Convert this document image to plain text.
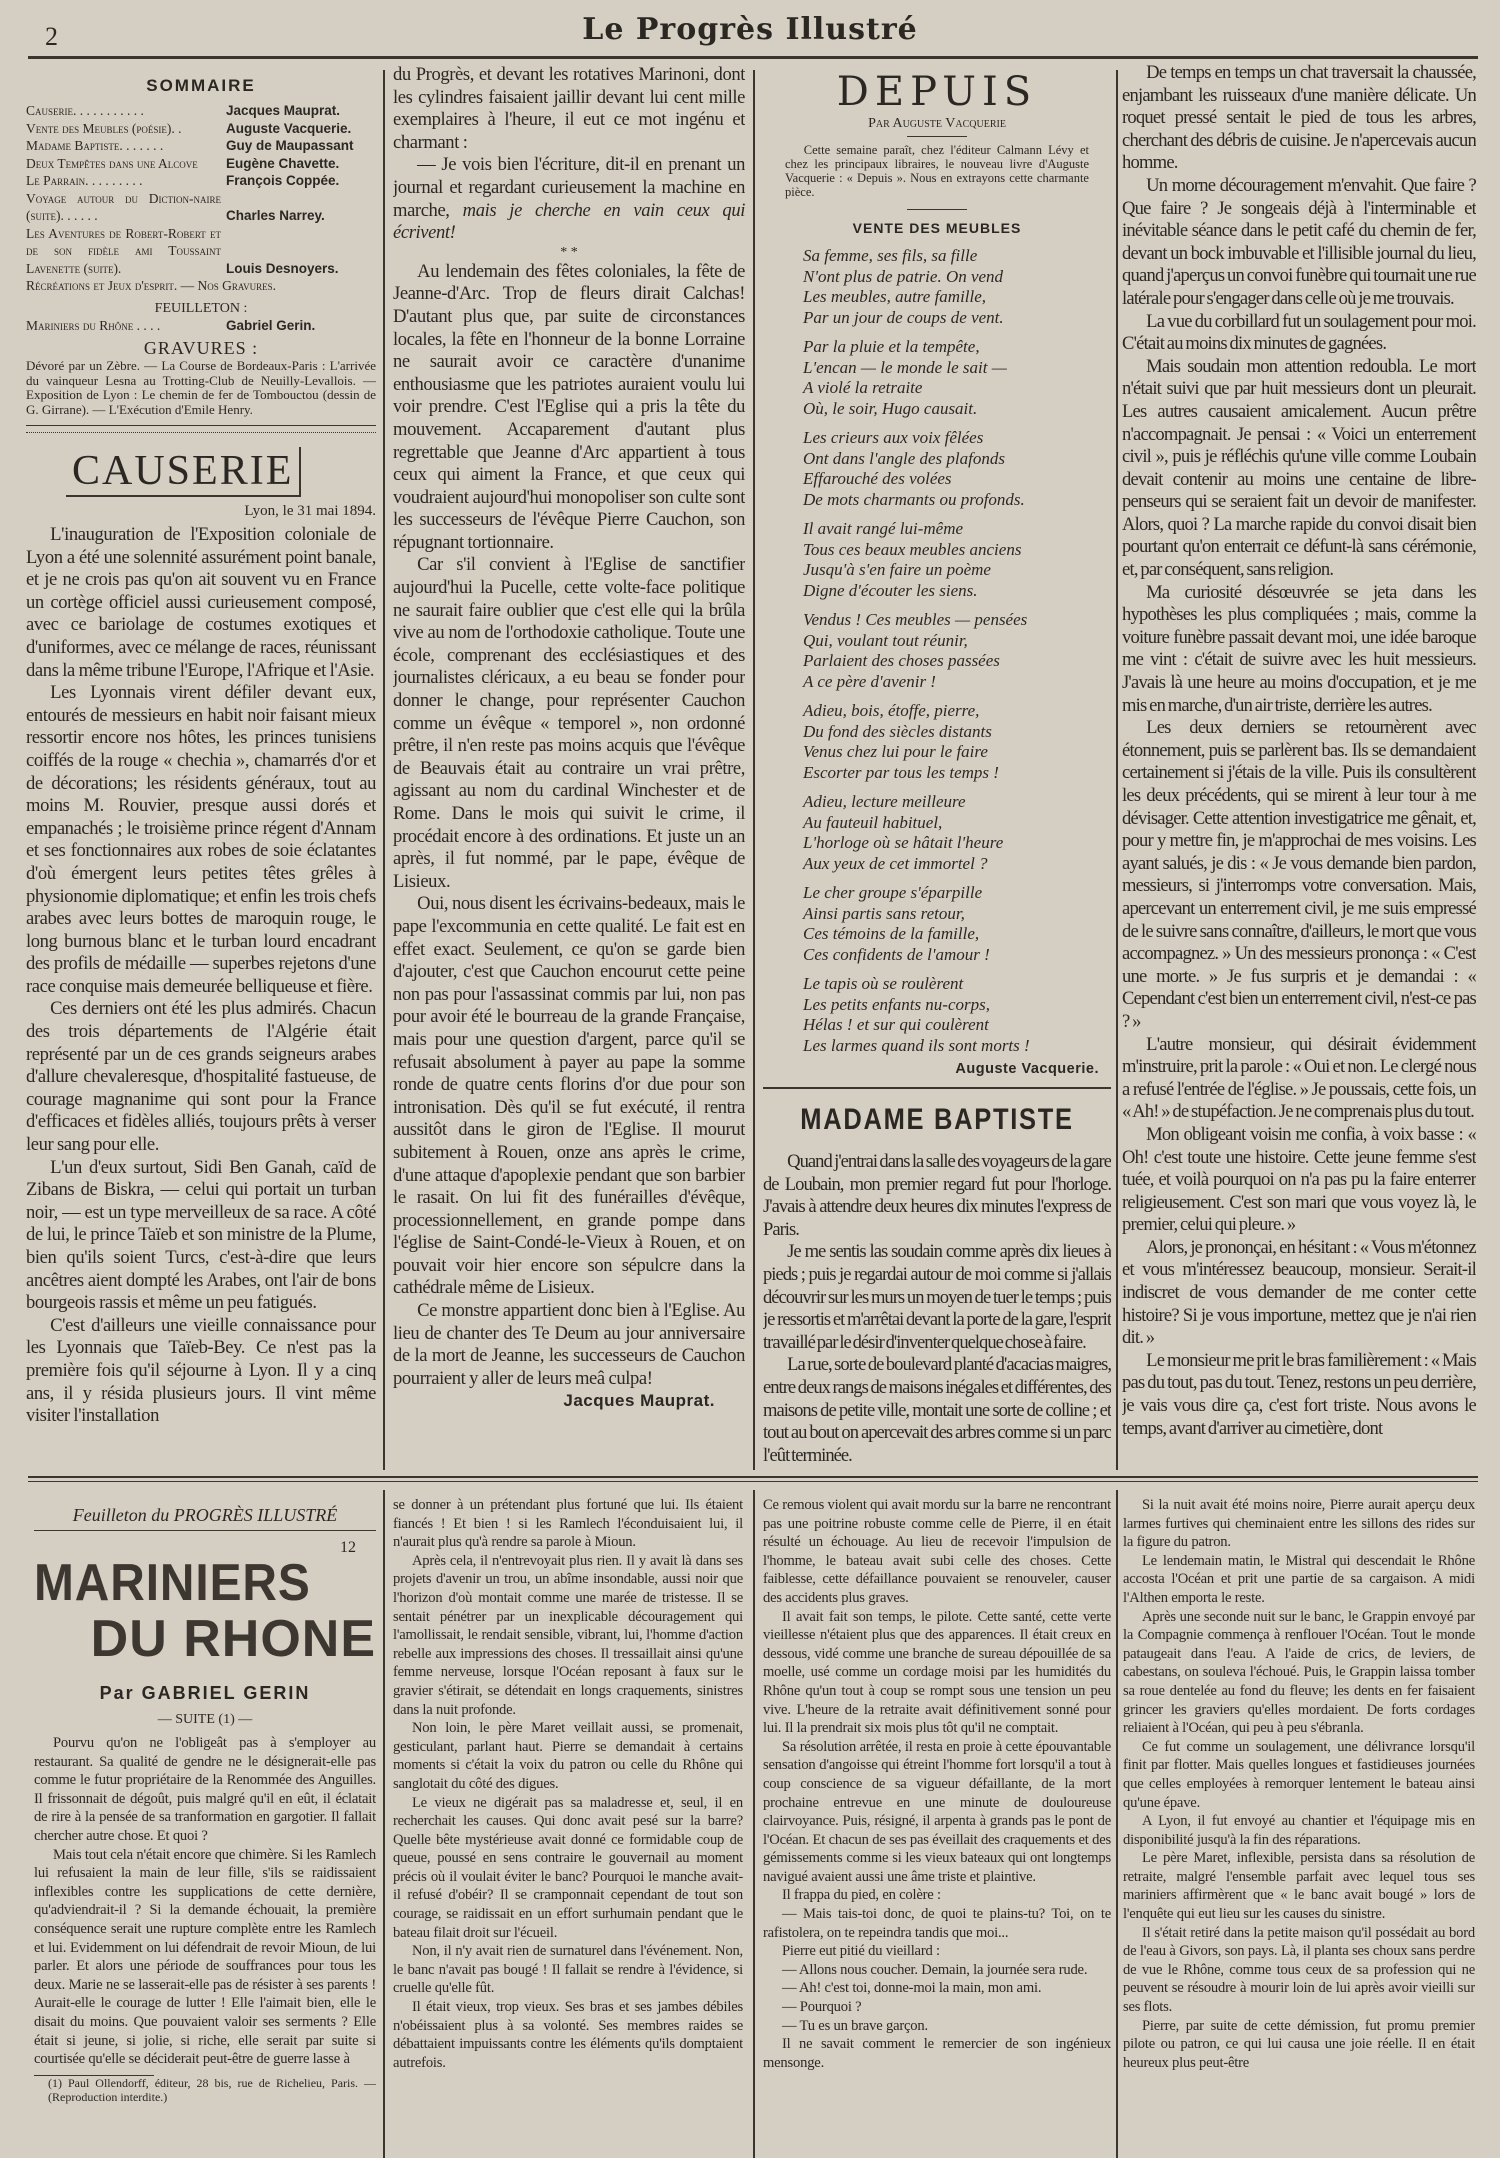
2	Le Progrès Illustré
SOMMAIRE
Causerie. . . . . . . . . . .	Jacques Mauprat.
Vente des Meubles (poésie). .	Auguste Vacquerie.
Madame Baptiste. . . . . . .	Guy de Maupassant
Deux Tempêtes dans une Alcove	Eugène Chavette.
Le Parrain. . . . . . . . .	François Coppée.
Voyage autour du Diction-naire (suite). . . . . .	Charles Narrey.
Les Aventures de Robert-Robert et de son fidèle ami Toussaint Lavenette (suite).	Louis Desnoyers.
Récréations et Jeux d'esprit. — Nos Gravures.
FEUILLETON :
Mariniers du Rhône . . . .	Gabriel Gerin.
GRAVURES :
Dévoré par un Zèbre. — La Course de Bordeaux-Paris : L'arrivée du vainqueur Lesna au Trotting-Club de Neuilly-Levallois. — Exposition de Lyon : Le chemin de fer de Tombouctou (dessin de G. Girrane). — L'Exécution d'Emile Henry.
CAUSERIE
Lyon, le 31 mai 1894.

L'inauguration de l'Exposition coloniale de Lyon a été une solennité assurément point banale, et je ne crois pas qu'on ait souvent vu en France un cortège officiel aussi curieusement composé, avec ce bariolage de costumes exotiques et d'uniformes, avec ce mélange de races, réunissant dans la même tribune l'Europe, l'Afrique et l'Asie.

Les Lyonnais virent défiler devant eux, entourés de messieurs en habit noir faisant mieux ressortir encore nos hôtes, les princes tunisiens coiffés de la rouge « chechia », chamarrés d'or et de décorations; les résidents généraux, tout au moins M. Rouvier, presque aussi dorés et empanachés ; le troisième prince régent d'Annam et ses fonctionnaires aux robes de soie éclatantes d'où émergent leurs petites têtes grêles à physionomie diplomatique; et enfin les trois chefs arabes avec leurs bottes de maroquin rouge, le long burnous blanc et le turban lourd encadrant des profils de médaille — superbes rejetons d'une race conquise mais demeurée belliqueuse et fière.

Ces derniers ont été les plus admirés. Chacun des trois départements de l'Algérie était représenté par un de ces grands seigneurs arabes d'allure chevaleresque, d'hospitalité fastueuse, de courage magnanime qui sont pour la France d'efficaces et fidèles alliés, toujours prêts à verser leur sang pour elle.

L'un d'eux surtout, Sidi Ben Ganah, caïd de Zibans de Biskra, — celui qui portait un turban noir, — est un type merveilleux de sa race. A côté de lui, le prince Taïeb et son ministre de la Plume, bien qu'ils soient Turcs, c'est-à-dire que leurs ancêtres aient dompté les Arabes, ont l'air de bons bourgeois rassis et même un peu fatigués.

C'est d'ailleurs une vieille connaissance pour les Lyonnais que Taïeb-Bey. Ce n'est pas la première fois qu'il séjourne à Lyon. Il y a cinq ans, il y résida plusieurs jours. Il vint même visiter l'installation

du Progrès, et devant les rotatives Marinoni, dont les cylindres faisaient jaillir devant lui cent mille exemplaires à l'heure, il eut ce mot ingénu et charmant :

— Je vois bien l'écriture, dit-il en prenant un journal et regardant curieusement la machine en marche, mais je cherche en vain ceux qui écrivent!

* *

Au lendemain des fêtes coloniales, la fête de Jeanne-d'Arc. Trop de fleurs dirait Calchas! D'autant plus que, par suite de circonstances locales, la fête en l'honneur de la bonne Lorraine ne saurait avoir ce caractère d'unanime enthousiasme que les patriotes auraient voulu lui voir prendre. C'est l'Eglise qui a pris la tête du mouvement. Accaparement d'autant plus regrettable que Jeanne d'Arc appartient à tous ceux qui aiment la France, et que ceux qui voudraient aujourd'hui monopoliser son culte sont les successeurs de l'évêque Pierre Cauchon, son répugnant tortionnaire.

Car s'il convient à l'Eglise de sanctifier aujourd'hui la Pucelle, cette volte-face politique ne saurait faire oublier que c'est elle qui la brûla vive au nom de l'orthodoxie catholique. Toute une école, comprenant des ecclésiastiques et des journalistes cléricaux, a eu beau se fonder pour donner le change, pour représenter Cauchon comme un évêque « temporel », non ordonné prêtre, il n'en reste pas moins acquis que l'évêque de Beauvais était au contraire un vrai prêtre, agissant au nom du cardinal Winchester et de Rome. Dans le mois qui suivit le crime, il procédait encore à des ordinations. Et juste un an après, il fut nommé, par le pape, évêque de Lisieux.

Oui, nous disent les écrivains-bedeaux, mais le pape l'excommunia en cette qualité. Le fait est en effet exact. Seulement, ce qu'on se garde bien d'ajouter, c'est que Cauchon encourut cette peine non pas pour l'assassinat commis par lui, non pas pour avoir été le bourreau de la grande Française, mais pour une question d'argent, parce qu'il se refusait absolument à payer au pape la somme ronde de quatre cents florins d'or due pour son intronisation. Dès qu'il se fut exécuté, il rentra aussitôt dans le giron de l'Eglise. Il mourut subitement à Rouen, onze ans après le crime, d'une attaque d'apoplexie pendant que son barbier le rasait. On lui fit des funérailles d'évêque, processionnellement, en grande pompe dans l'église de Saint-Condé-le-Vieux à Rouen, et on pouvait voir hier encore son sépulcre dans la cathédrale même de Lisieux.

Ce monstre appartient donc bien à l'Eglise. Au lieu de chanter des Te Deum au jour anniversaire de la mort de Jeanne, les successeurs de Cauchon pourraient y aller de leurs meâ culpa!

Jacques Mauprat.
DEPUIS
Par Auguste Vacquerie
Cette semaine paraît, chez l'éditeur Calmann Lévy et chez les principaux libraires, le nouveau livre d'Auguste Vacquerie : « Depuis ». Nous en extrayons cette charmante pièce.
VENTE DES MEUBLES
Sa femme, ses fils, sa fille
N'ont plus de patrie. On vend
Les meubles, autre famille,
Par un jour de coups de vent.
Par la pluie et la tempête,
L'encan — le monde le sait —
A violé la retraite
Où, le soir, Hugo causait.
Les crieurs aux voix fêlées
Ont dans l'angle des plafonds
Effarouché des volées
De mots charmants ou profonds.
Il avait rangé lui-même
Tous ces beaux meubles anciens
Jusqu'à s'en faire un poème
Digne d'écouter les siens.
Vendus ! Ces meubles — pensées
Qui, voulant tout réunir,
Parlaient des choses passées
A ce père d'avenir !
Adieu, bois, étoffe, pierre,
Du fond des siècles distants
Venus chez lui pour le faire
Escorter par tous les temps !
Adieu, lecture meilleure
Au fauteuil habituel,
L'horloge où se hâtait l'heure
Aux yeux de cet immortel ?
Le cher groupe s'éparpille
Ainsi partis sans retour,
Ces témoins de la famille,
Ces confidents de l'amour !
Le tapis où se roulèrent
Les petits enfants nu-corps,
Hélas ! et sur qui coulèrent
Les larmes quand ils sont morts !
Auguste Vacquerie.
MADAME BAPTISTE

Quand j'entrai dans la salle des voyageurs de la gare de Loubain, mon premier regard fut pour l'horloge. J'avais à attendre deux heures dix minutes l'express de Paris.

Je me sentis las soudain comme après dix lieues à pieds ; puis je regardai autour de moi comme si j'allais découvrir sur les murs un moyen de tuer le temps ; puis je ressortis et m'arrêtai devant la porte de la gare, l'esprit travaillé par le désir d'inventer quelque chose à faire.

La rue, sorte de boulevard planté d'acacias maigres, entre deux rangs de maisons inégales et différentes, des maisons de petite ville, montait une sorte de colline ; et tout au bout on apercevait des arbres comme si un parc l'eût terminée.

De temps en temps un chat traversait la chaussée, enjambant les ruisseaux d'une manière délicate. Un roquet pressé sentait le pied de tous les arbres, cherchant des débris de cuisine. Je n'apercevais aucun homme.

Un morne découragement m'envahit. Que faire ? Que faire ? Je songeais déjà à l'interminable et inévitable séance dans le petit café du chemin de fer, devant un bock imbuvable et l'illisible journal du lieu, quand j'aperçus un convoi funèbre qui tournait une rue latérale pour s'engager dans celle où je me trouvais.

La vue du corbillard fut un soulagement pour moi. C'était au moins dix minutes de gagnées.

Mais soudain mon attention redoubla. Le mort n'était suivi que par huit messieurs dont un pleurait. Les autres causaient amicalement. Aucun prêtre n'accompagnait. Je pensai : « Voici un enterrement civil », puis je réfléchis qu'une ville comme Loubain devait contenir au moins une centaine de libre-penseurs qui se seraient fait un devoir de manifester. Alors, quoi ? La marche rapide du convoi disait bien pourtant qu'on enterrait ce défunt-là sans cérémonie, et, par conséquent, sans religion.

Ma curiosité désœuvrée se jeta dans les hypothèses les plus compliquées ; mais, comme la voiture funèbre passait devant moi, une idée baroque me vint : c'était de suivre avec les huit messieurs. J'avais là une heure au moins d'occupation, et je me mis en marche, d'un air triste, derrière les autres.

Les deux derniers se retournèrent avec étonnement, puis se parlèrent bas. Ils se demandaient certainement si j'étais de la ville. Puis ils consultèrent les deux précédents, qui se mirent à leur tour à me dévisager. Cette attention investigatrice me gênait, et, pour y mettre fin, je m'approchai de mes voisins. Les ayant salués, je dis : « Je vous demande bien pardon, messieurs, si j'interromps votre conversation. Mais, apercevant un enterrement civil, je me suis empressé de le suivre sans connaître, d'ailleurs, le mort que vous accompagnez. » Un des messieurs prononça : « C'est une morte. » Je fus surpris et je demandai : « Cependant c'est bien un enterrement civil, n'est-ce pas ? »

L'autre monsieur, qui désirait évidemment m'instruire, prit la parole : « Oui et non. Le clergé nous a refusé l'entrée de l'église. » Je poussais, cette fois, un « Ah! » de stupéfaction. Je ne comprenais plus du tout.

Mon obligeant voisin me confia, à voix basse : « Oh! c'est toute une histoire. Cette jeune femme s'est tuée, et voilà pourquoi on n'a pas pu la faire enterrer religieusement. C'est son mari que vous voyez là, le premier, celui qui pleure. »

Alors, je prononçai, en hésitant : « Vous m'étonnez et vous m'intéressez beaucoup, monsieur. Serait-il indiscret de vous demander de me conter cette histoire? Si je vous importune, mettez que je n'ai rien dit. »

Le monsieur me prit le bras familièrement : « Mais pas du tout, pas du tout. Tenez, restons un peu derrière, je vais vous dire ça, c'est fort triste. Nous avons le temps, avant d'arriver au cimetière, dont

Feuilleton du PROGRÈS ILLUSTRÉ
12
MARINIERS
DU RHONE
Par GABRIEL GERIN
— SUITE (1) —

Pourvu qu'on ne l'obligeât pas à s'employer au restaurant. Sa qualité de gendre ne le désignerait-elle pas comme le futur propriétaire de la Renommée des Anguilles. Il frissonnait de dégoût, puis malgré qu'il en eût, il éclatait de rire à la pensée de sa tranformation en gargotier. Il fallait chercher autre chose. Et quoi ?

Mais tout cela n'était encore que chimère. Si les Ramlech lui refusaient la main de leur fille, s'ils se raidissaient inflexibles contre les supplications de cette dernière, qu'adviendrait-il ? Si la demande échouait, la première conséquence serait une rupture complète entre les Ramlech et lui. Evidemment on lui défendrait de revoir Mioun, de lui parler. Et alors une période de souffrances pour tous les deux. Marie ne se lasserait-elle pas de résister à ses parents ! Aurait-elle le courage de lutter ! Elle l'aimait bien, elle le disait du moins. Que pouvaient valoir ses serments ? Elle était si jeune, si jolie, si riche, elle serait par suite si courtisée qu'elle se déciderait peut-être de guerre lasse à

(1) Paul Ollendorff, éditeur, 28 bis, rue de Richelieu, Paris. — (Reproduction interdite.)

se donner à un prétendant plus fortuné que lui. Ils étaient fiancés ! Et bien ! si les Ramlech l'éconduisaient lui, il n'aurait plus qu'à rendre sa parole à Mioun.

Après cela, il n'entrevoyait plus rien. Il y avait là dans ses projets d'avenir un trou, un abîme insondable, aussi noir que l'horizon d'où montait comme une marée de tristesse. Il se sentait pénétrer par un inexplicable découragement qui l'amollissait, le rendait sensible, vibrant, lui, l'homme d'action rebelle aux impressions des choses. Il tressaillait ainsi qu'une femme nerveuse, lorsque l'Océan reposant à faux sur le gravier s'étirait, se détendait en longs craquements, sinistres dans la nuit profonde.

Non loin, le père Maret veillait aussi, se promenait, gesticulant, parlant haut. Pierre se demandait à certains moments si c'était la voix du patron ou celle du Rhône qui sanglotait du côté des digues.

Le vieux ne digérait pas sa maladresse et, seul, il en recherchait les causes. Qui donc avait pesé sur la barre? Quelle bête mystérieuse avait donné ce formidable coup de queue, poussé en sens contraire le gouvernail au moment précis où il voulait éviter le banc? Pourquoi le manche avait-il refusé d'obéir? Il se cramponnait cependant de tout son courage, se raidissait en un effort surhumain pendant que le bateau filait droit sur l'écueil.

Non, il n'y avait rien de surnaturel dans l'événement. Non, le banc n'avait pas bougé ! Il fallait se rendre à l'évidence, si cruelle qu'elle fût.

Il était vieux, trop vieux. Ses bras et ses jambes débiles n'obéissaient plus à sa volonté. Ses membres raides se débattaient impuissants contre les éléments qu'ils domptaient autrefois.

Ce remous violent qui avait mordu sur la barre ne rencontrant pas une poitrine robuste comme celle de Pierre, il en était résulté un échouage. Au lieu de recevoir l'impulsion de l'homme, le bateau avait subi celle des choses. Cette faiblesse, cette défaillance pouvaient se renouveler, causer des accidents plus graves.

Il avait fait son temps, le pilote. Cette santé, cette verte vieillesse n'étaient plus que des apparences. Il était creux en dessous, vidé comme une branche de sureau dépouillée de sa moelle, usé comme un cordage moisi par les humidités du Rhône qu'un tout à coup se rompt sous une tension un peu vive. L'heure de la retraite avait définitivement sonné pour lui. Il la prendrait six mois plus tôt qu'il ne comptait.

Sa résolution arrêtée, il resta en proie à cette épouvantable sensation d'angoisse qui étreint l'homme fort lorsqu'il a tout à coup conscience de sa vigueur défaillante, de la mort prochaine entrevue en une minute de douloureuse clairvoyance. Puis, résigné, il arpenta à grands pas le pont de l'Océan. Et chacun de ses pas éveillait des craquements et des gémissements comme si les vieux bateaux qui ont longtemps navigué avaient aussi une âme triste et plaintive.

Il frappa du pied, en colère :

— Mais tais-toi donc, de quoi te plains-tu? Toi, on te rafistolera, on te repeindra tandis que moi...

Pierre eut pitié du vieillard :

— Allons nous coucher. Demain, la journée sera rude.

— Ah! c'est toi, donne-moi la main, mon ami.

— Pourquoi ?

— Tu es un brave garçon.

Il ne savait comment le remercier de son ingénieux mensonge.

Si la nuit avait été moins noire, Pierre aurait aperçu deux larmes furtives qui cheminaient entre les sillons des rides sur la figure du patron.

Le lendemain matin, le Mistral qui descendait le Rhône accosta l'Océan et prit une partie de sa cargaison. A midi l'Althen emporta le reste.

Après une seconde nuit sur le banc, le Grappin envoyé par la Compagnie commença à renflouer l'Océan. Tout le monde pataugeait dans l'eau. A l'aide de crics, de leviers, de cabestans, on souleva l'échoué. Puis, le Grappin laissa tomber sa roue dentelée au fond du fleuve; les dents en fer faisaient grincer les graviers qu'elles mordaient. De forts cordages reliaient à l'Océan, qui peu à peu s'ébranla.

Ce fut comme un soulagement, une délivrance lorsqu'il finit par flotter. Mais quelles longues et fastidieuses journées que celles employées à remorquer lentement le bateau ainsi qu'une épave.

A Lyon, il fut envoyé au chantier et l'équipage mis en disponibilité jusqu'à la fin des réparations.

Le père Maret, inflexible, persista dans sa résolution de retraite, malgré l'ensemble parfait avec lequel tous ses mariniers affirmèrent que « le banc avait bougé » lors de l'enquête qui eut lieu sur les causes du sinistre.

Il s'était retiré dans la petite maison qu'il possédait au bord de l'eau à Givors, son pays. Là, il planta ses choux sans perdre de vue le Rhône, comme tous ceux de sa profession qui ne peuvent se résoudre à mourir loin de lui après avoir vieilli sur ses flots.

Pierre, par suite de cette démission, fut promu premier pilote ou patron, ce qui lui causa une joie réelle. Il en était heureux plus peut-être
